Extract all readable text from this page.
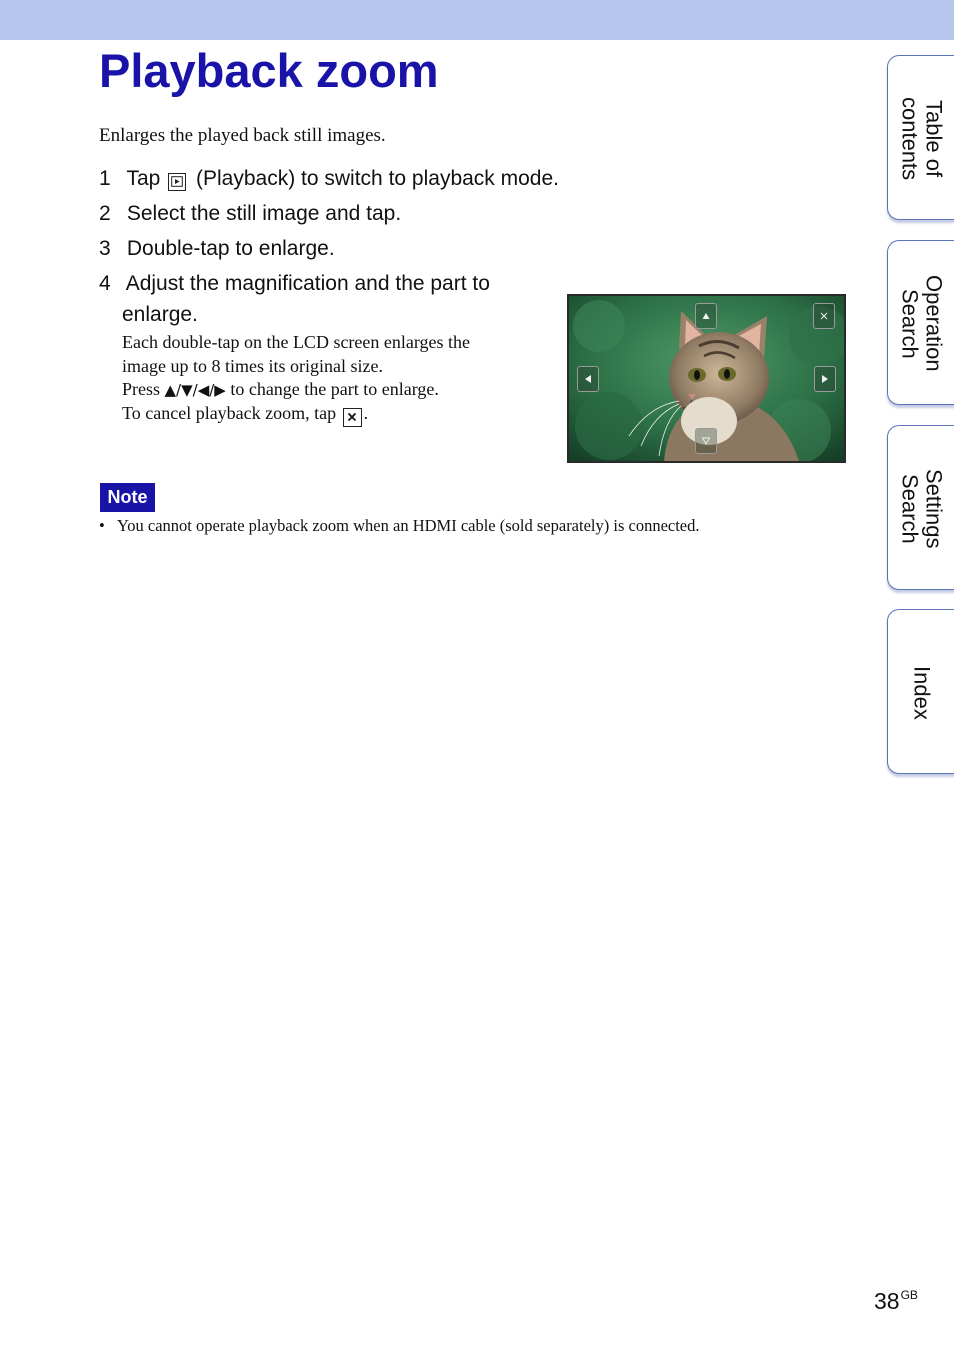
Playback zoom
Enlarges the played back still images.
1 Tap (Playback) to switch to playback mode.
2 Select the still image and tap.
3 Double-tap to enlarge.
4 Adjust the magnification and the part to
enlarge.
Each double-tap on the LCD screen enlarges the
image up to 8 times its original size.
Press ▲/▼/◀/▶ to change the part to enlarge.
To cancel playback zoom, tap .
Note
• You cannot operate playback zoom when an HDMI cable (sold separately) is connected.
Table of
contents
Operation
Search
Settings
Search
Index
$38^{GB}$
